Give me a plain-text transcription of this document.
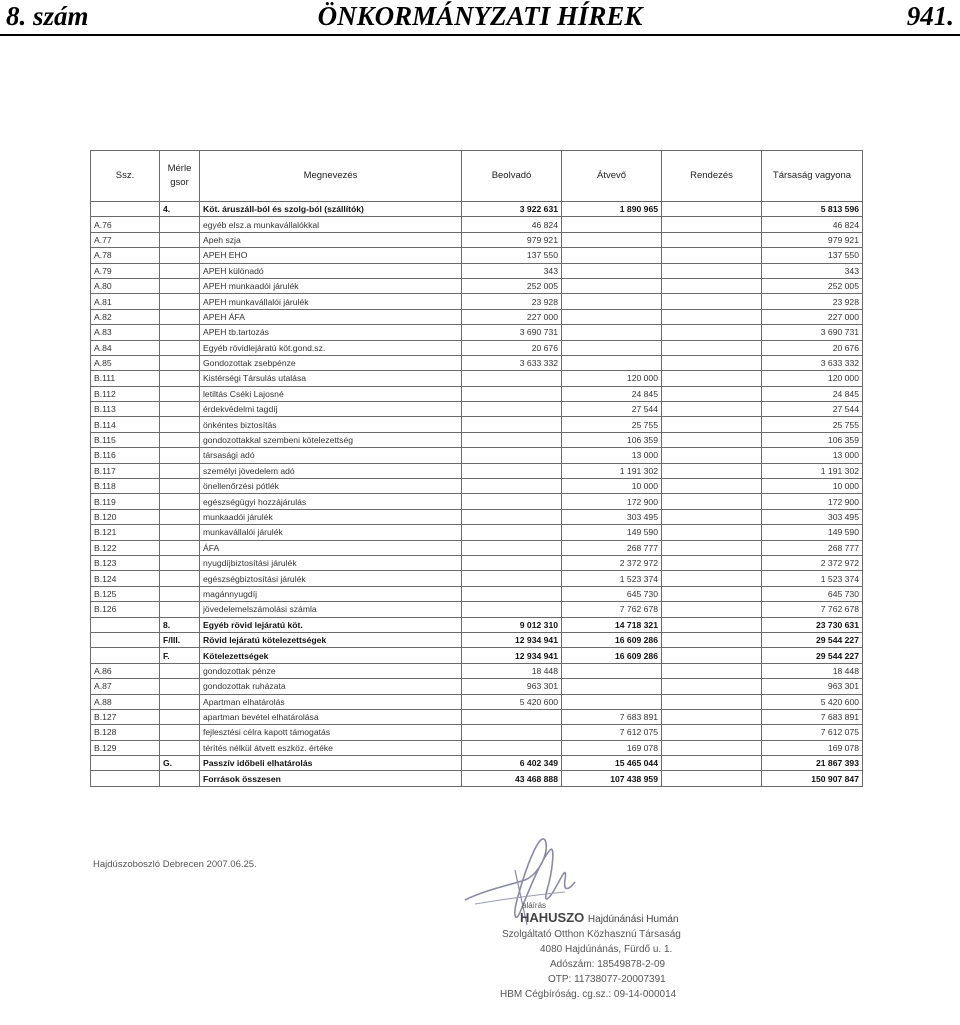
8. szám	ÖNKORMÁNYZATI HÍREK	941.
Ssz.	Mérle gsor	Megnevezés	Beolvadó	Átvevő	Rendezés	Társaság vagyona
	4.	Köt. áruszáll-ból és szolg-ból (szállítók)	3 922 631	1 890 965		5 813 596
A.76		egyéb elsz.a munkavállalókkal	46 824			46 824
A.77		Apeh szja	979 921			979 921
A.78		APEH EHO	137 550			137 550
A.79		APEH különadó	343			343
A.80		APEH munkaadói járulék	252 005			252 005
A.81		APEH munkavállalói járulék	23 928			23 928
A.82		APEH ÁFA	227 000			227 000
A.83		APEH tb.tartozás	3 690 731			3 690 731
A.84		Egyéb rövidlejáratú köt.gond.sz.	20 676			20 676
A.85		Gondozottak zsebpénze	3 633 332			3 633 332
B.111		Kistérségi Társulás utalása		120 000		120 000
B.112		letiltás Cséki Lajosné		24 845		24 845
B.113		érdekvédelmi tagdíj		27 544		27 544
B.114		önkéntes biztosítás		25 755		25 755
B.115		gondozottakkal szembeni kötelezettség		106 359		106 359
B.116		társasági adó		13 000		13 000
B.117		személyi jövedelem adó		1 191 302		1 191 302
B.118		önellenőrzési pótlék		10 000		10 000
B.119		egészségügyi hozzájárulás		172 900		172 900
B.120		munkaadói járulék		303 495		303 495
B.121		munkavállalói járulék		149 590		149 590
B.122		ÁFA		268 777		268 777
B.123		nyugdíjbiztosítási járulék		2 372 972		2 372 972
B.124		egészségbiztosítási járulék		1 523 374		1 523 374
B.125		magánnyugdíj		645 730		645 730
B.126		jövedelemelszámolási számla		7 762 678		7 762 678
	8.	Egyéb rövid lejáratú köt.	9 012 310	14 718 321		23 730 631
	F/III.	Rövid lejáratú kötelezettségek	12 934 941	16 609 286		29 544 227
	F.	Kötelezettségek	12 934 941	16 609 286		29 544 227
A.86		gondozottak pénze	18 448			18 448
A.87		gondozottak ruházata	963 301			963 301
A.88		Apartman elhatárolás	5 420 600			5 420 600
B.127		apartman bevétel elhatárolása		7 683 891		7 683 891
B.128		fejlesztési célra kapott támogatás		7 612 075		7 612 075
B.129		térítés nélkül átvett eszköz. értéke		169 078		169 078
	G.	Passzív időbeli elhatárolás	6 402 349	15 465 044		21 867 393
		Források összesen	43 468 888	107 438 959		150 907 847
Hajdúszoboszló Debrecen 2007.06.25.
aláírás
HAHUSZO Hajdúnánási Humán
Szolgáltató Otthon Közhasznú Társaság
4080 Hajdúnánás, Fürdő u. 1.
Adószám: 18549878-2-09
OTP: 11738077-20007391
HBM Cégbíróság. cg.sz.: 09-14-000014
